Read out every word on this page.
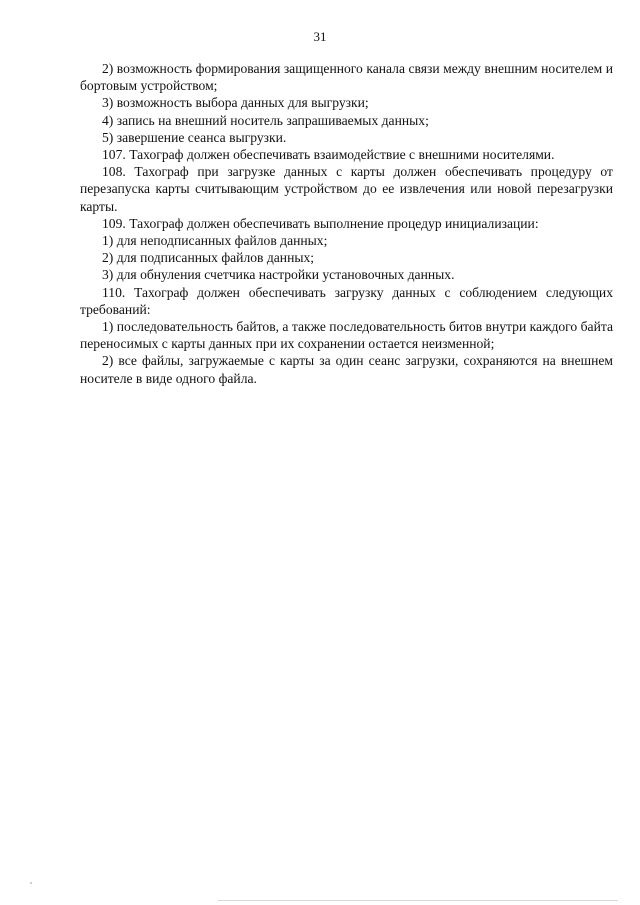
31

2) возможность формирования защищенного канала связи между внешним носителем и бортовым устройством;

3) возможность выбора данных для выгрузки;

4) запись на внешний носитель запрашиваемых данных;

5) завершение сеанса выгрузки.

107. Тахограф должен обеспечивать взаимодействие с внешними носителями.

108. Тахограф при загрузке данных с карты должен обеспечивать процедуру от перезапуска карты считывающим устройством до ее извлечения или новой перезагрузки карты.

109. Тахограф должен обеспечивать выполнение процедур инициализации:

1) для неподписанных файлов данных;

2) для подписанных файлов данных;

3) для обнуления счетчика настройки установочных данных.

110. Тахограф должен обеспечивать загрузку данных с соблюдением следующих требований:

1) последовательность байтов, а также последовательность битов внутри каждого байта переносимых с карты данных при их сохранении остается неизменной;

2) все файлы, загружаемые с карты за один сеанс загрузки, сохраняются на внешнем носителе в виде одного файла.
